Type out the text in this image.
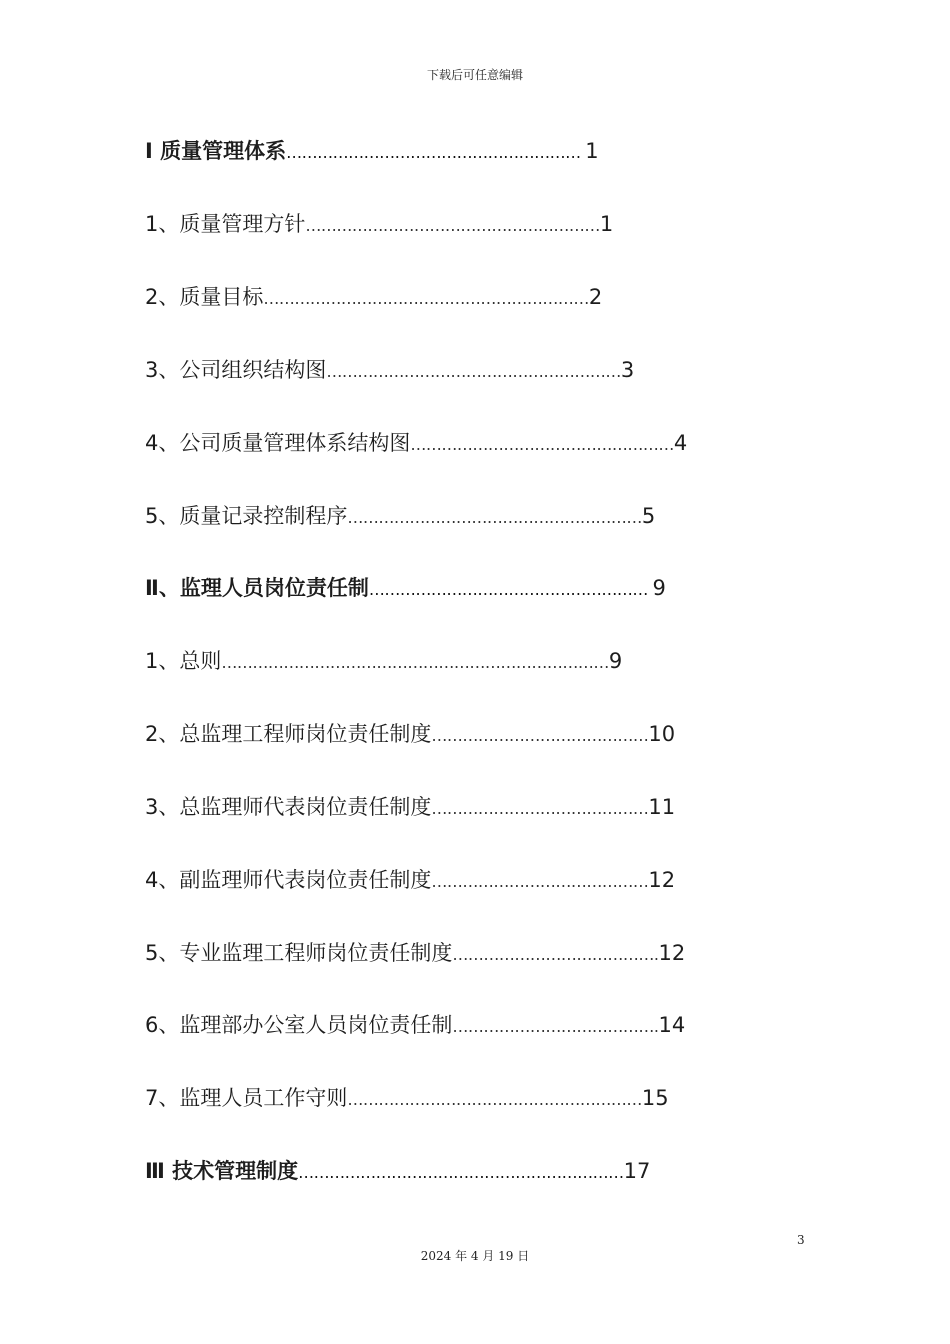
下载后可任意编辑
Ⅰ 质量管理体系………………………………………………… 1
1、质量管理方针…………………………………………………1
2、质量目标………………………………………………………2
3、公司组织结构图…………………………………………………3
4、公司质量管理体系结构图……………………………………………4
5、质量记录控制程序…………………………………………………5
Ⅱ、监理人员岗位责任制……………………………………………… 9
1、总则…………………………………………………………………9
2、总监理工程师岗位责任制度……………………………………10
3、总监理师代表岗位责任制度……………………………………11
4、副监理师代表岗位责任制度……………………………………12
5、专业监理工程师岗位责任制度………………………………….12
6、监理部办公室人员岗位责任制………………………………….14
7、监理人员工作守则…………………………………………………15
Ⅲ 技术管理制度………………………………………………………17
3
2024 年 4 月 19 日
